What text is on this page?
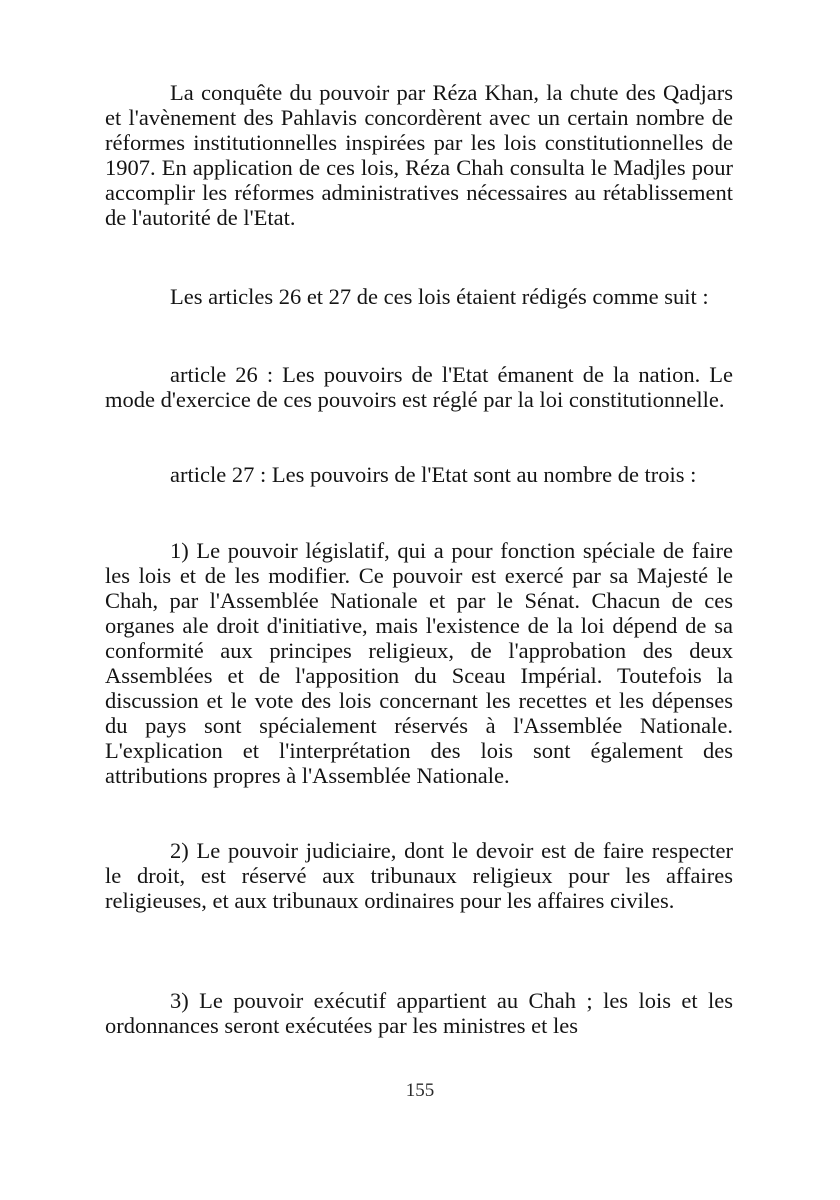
La conquête du pouvoir par Réza Khan, la chute des Qadjars et l'avènement des Pahlavis concordèrent avec un certain nombre de réformes institutionnelles inspirées par les lois constitutionnelles de 1907. En application de ces lois, Réza Chah consulta le Madjles pour accomplir les réformes administratives nécessaires au rétablissement de l'autorité de l'Etat.

Les articles 26 et 27 de ces lois étaient rédigés comme suit :

article 26 : Les pouvoirs de l'Etat émanent de la nation. Le mode d'exercice de ces pouvoirs est réglé par la loi constitutionnelle.

article 27 : Les pouvoirs de l'Etat sont au nombre de trois :

1) Le pouvoir législatif, qui a pour fonction spéciale de faire les lois et de les modifier. Ce pouvoir est exercé par sa Majesté le Chah, par l'Assemblée Nationale et par le Sénat. Chacun de ces organes ale droit d'initiative, mais l'existence de la loi dépend de sa conformité aux principes religieux, de l'approbation des deux Assemblées et de l'apposition du Sceau Impérial. Toutefois la discussion et le vote des lois concernant les recettes et les dépenses du pays sont spécialement réservés à l'Assemblée Nationale. L'explication et l'interprétation des lois sont également des attributions propres à l'Assemblée Nationale.

2) Le pouvoir judiciaire, dont le devoir est de faire respecter le droit, est réservé aux tribunaux religieux pour les affaires religieuses, et aux tribunaux ordinaires pour les affaires civiles.

3) Le pouvoir exécutif appartient au Chah ; les lois et les ordonnances seront exécutées par les ministres et les

155
